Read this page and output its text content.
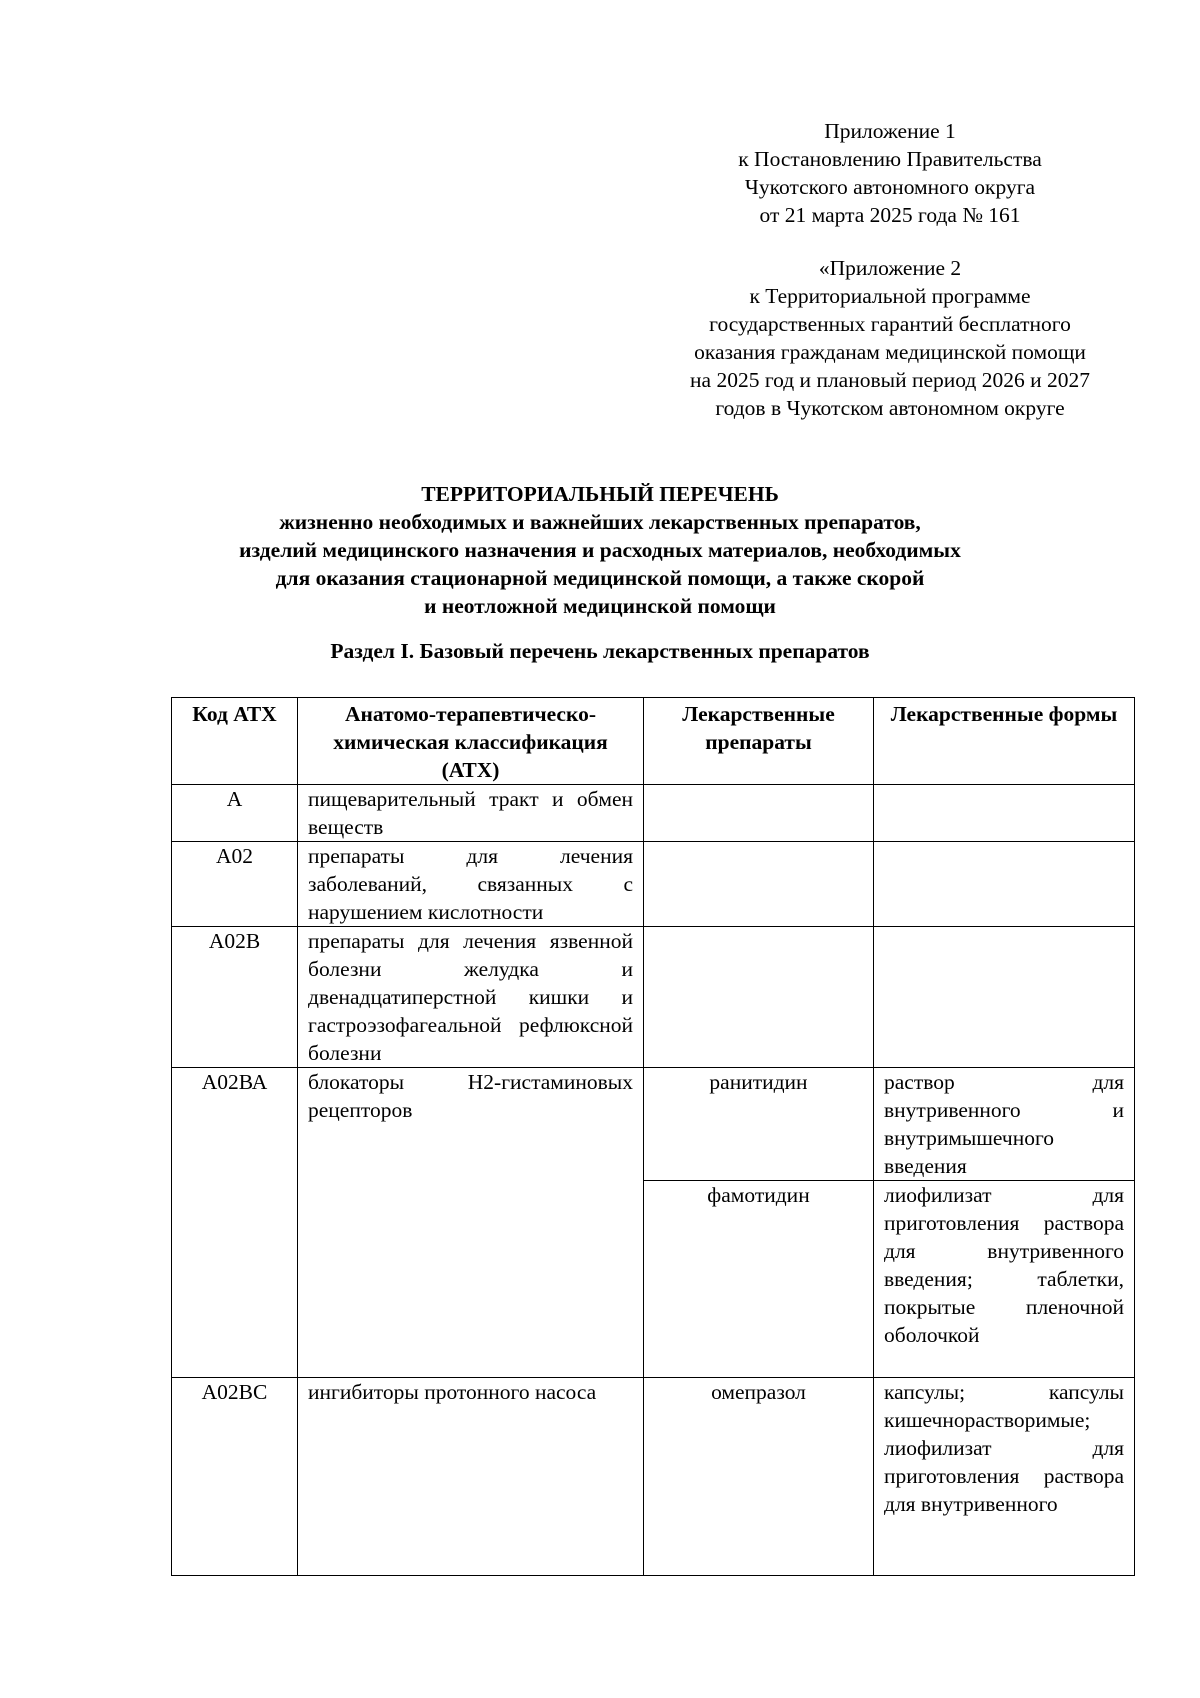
Приложение 1
к Постановлению Правительства
Чукотского автономного округа
от 21 марта 2025 года № 161
«Приложение 2
к Территориальной программе
государственных гарантий бесплатного
оказания гражданам медицинской помощи
на 2025 год и плановый период 2026 и 2027
годов в Чукотском автономном округе
ТЕРРИТОРИАЛЬНЫЙ ПЕРЕЧЕНЬ
жизненно необходимых и важнейших лекарственных препаратов,
изделий медицинского назначения и расходных материалов, необходимых
для оказания стационарной медицинской помощи, а также скорой
и неотложной медицинской помощи
Раздел I. Базовый перечень лекарственных препаратов
Код АТХ	Анатомо-терапевтическо-химическая классификация (АТХ)	Лекарственные препараты	Лекарственные формы
А	пищеварительный тракт и обмен веществ		
А02	препараты для лечения заболеваний, связанных с нарушением кислотности		
А02В	препараты для лечения язвенной болезни желудка и двенадцатиперстной кишки и гастроэзофагеальной рефлюксной болезни		
А02ВА	блокаторы Н2-гистаминовых рецепторов	ранитидин	раствор для внутривенного и внутримышечного введения
		фамотидин	лиофилизат для приготовления раствора для внутривенного введения; таблетки, покрытые пленочной оболочкой
А02ВС	ингибиторы протонного насоса	омепразол	капсулы; капсулы кишечнорастворимые; лиофилизат для приготовления раствора для внутривенного
